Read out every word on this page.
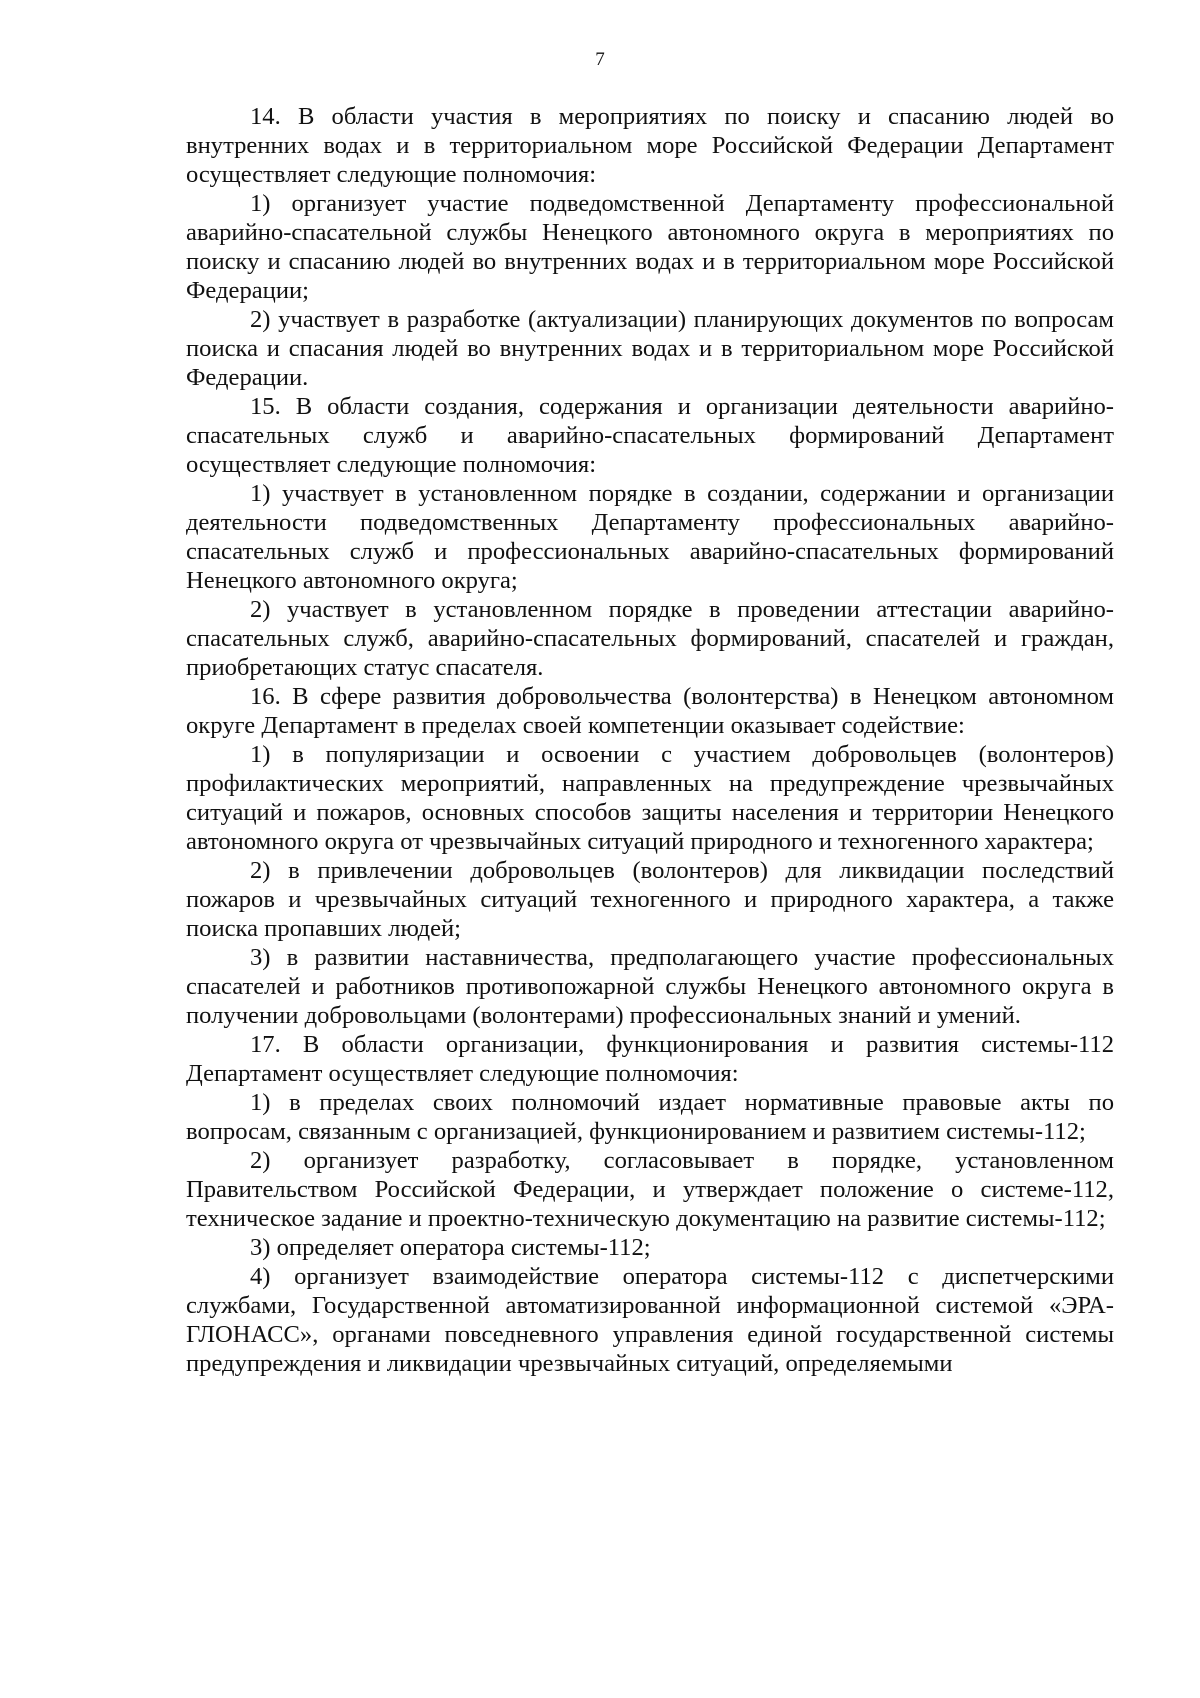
7

14. В области участия в мероприятиях по поиску и спасанию людей во внутренних водах и в территориальном море Российской Федерации Департамент осуществляет следующие полномочия:

1) организует участие подведомственной Департаменту профессиональной аварийно-спасательной службы Ненецкого автономного округа в мероприятиях по поиску и спасанию людей во внутренних водах и в территориальном море Российской Федерации;

2) участвует в разработке (актуализации) планирующих документов по вопросам поиска и спасания людей во внутренних водах и в территориальном море Российской Федерации.

15. В области создания, содержания и организации деятельности аварийно-спасательных служб и аварийно-спасательных формирований Департамент осуществляет следующие полномочия:

1) участвует в установленном порядке в создании, содержании и организации деятельности подведомственных Департаменту профессиональных аварийно-спасательных служб и профессиональных аварийно-спасательных формирований Ненецкого автономного округа;

2) участвует в установленном порядке в проведении аттестации аварийно-спасательных служб, аварийно-спасательных формирований, спасателей и граждан, приобретающих статус спасателя.

16. В сфере развития добровольчества (волонтерства) в Ненецком автономном округе Департамент в пределах своей компетенции оказывает содействие:

1) в популяризации и освоении с участием добровольцев (волонтеров) профилактических мероприятий, направленных на предупреждение чрезвычайных ситуаций и пожаров, основных способов защиты населения и территории Ненецкого автономного округа от чрезвычайных ситуаций природного и техногенного характера;

2) в привлечении добровольцев (волонтеров) для ликвидации последствий пожаров и чрезвычайных ситуаций техногенного и природного характера, а также поиска пропавших людей;

3) в развитии наставничества, предполагающего участие профессиональных спасателей и работников противопожарной службы Ненецкого автономного округа в получении добровольцами (волонтерами) профессиональных знаний и умений.

17. В области организации, функционирования и развития системы-112 Департамент осуществляет следующие полномочия:

1) в пределах своих полномочий издает нормативные правовые акты по вопросам, связанным с организацией, функционированием и развитием системы-112;

2) организует разработку, согласовывает в порядке, установленном Правительством Российской Федерации, и утверждает положение о системе-112, техническое задание и проектно-техническую документацию на развитие системы-112;

3) определяет оператора системы-112;

4) организует взаимодействие оператора системы-112 с диспетчерскими службами, Государственной автоматизированной информационной системой «ЭРА-ГЛОНАСС», органами повседневного управления единой государственной системы предупреждения и ликвидации чрезвычайных ситуаций, определяемыми
